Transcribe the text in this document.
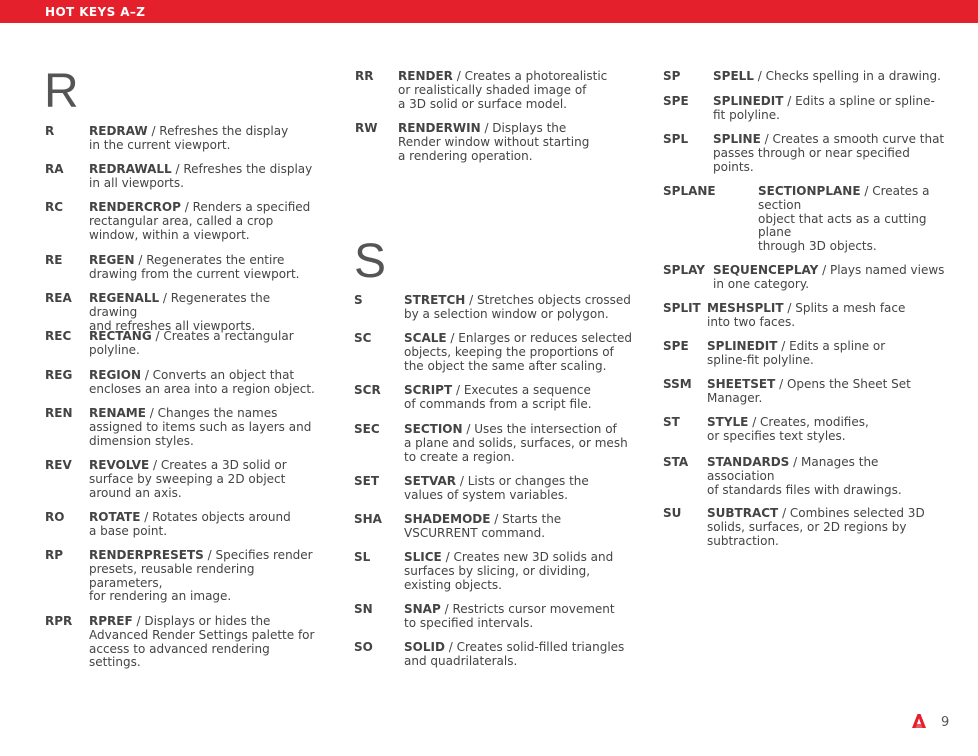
HOT KEYS A–Z
R
S
R	REDRAW / Refreshes the display
in the current viewport.
RA REDRAWALL / Refreshes the display
in all viewports.
RC RENDERCROP / Renders a specified
rectangular area, called a crop
window, within a viewport.
RE REGEN / Regenerates the entire
drawing from the current viewport.
REA REGENALL / Regenerates the drawing
and refreshes all viewports.
REC RECTANG / Creates a rectangular
polyline.
REG REGION / Converts an object that
encloses an area into a region object.
REN RENAME / Changes the names
assigned to items such as layers and
dimension styles.
REV REVOLVE / Creates a 3D solid or
surface by sweeping a 2D object
around an axis.
RO ROTATE / Rotates objects around
a base point.
RP RENDERPRESETS / Specifies render
presets, reusable rendering
parameters,
for rendering an image.
RPR RPREF / Displays or hides the
Advanced Render Settings palette for
access to advanced rendering
settings.
RR RENDER / Creates a photorealistic
or realistically shaded image of
a 3D solid or surface model.
RW RENDERWIN / Displays the
Render window without starting
a rendering operation.
S	STRETCH / Stretches objects crossed
by a selection window or polygon.
SC	SCALE / Enlarges or reduces selected
objects, keeping the proportions of
the object the same after scaling.
SCR SCRIPT / Executes a sequence
of commands from a script file.
SEC SECTION / Uses the intersection of
a plane and solids, surfaces, or mesh
to create a region.
SET SETVAR / Lists or changes the
values of system variables.
SHA SHADEMODE / Starts the
VSCURRENT command.
SL	SLICE / Creates new 3D solids and
surfaces by slicing, or dividing,
existing objects.
SN	SNAP / Restricts cursor movement
to specified intervals.
SO	SOLID / Creates solid-filled triangles
and quadrilaterals.
SP	SPELL / Checks spelling in a drawing.
SPE SPLINEDIT / Edits a spline or spline-
fit polyline.
SPL SPLINE / Creates a smooth curve that
passes through or near specified
points.
SPLANE	SECTIONPLANE / Creates a
section
object that acts as a cutting
plane
through 3D objects.
SPLAY SEQUENCEPLAY / Plays named views
in one category.
SPLIT MESHSPLIT / Splits a mesh face
into two faces.
SPE SPLINEDIT / Edits a spline or
spline-fit polyline.
SSM SHEETSET / Opens the Sheet Set
Manager.
ST STYLE / Creates, modifies,
or specifies text styles.
STA STANDARDS / Manages the
association
of standards files with drawings.
SU SUBTRACT / Combines selected 3D
solids, surfaces, or 2D regions by
subtraction.
9
